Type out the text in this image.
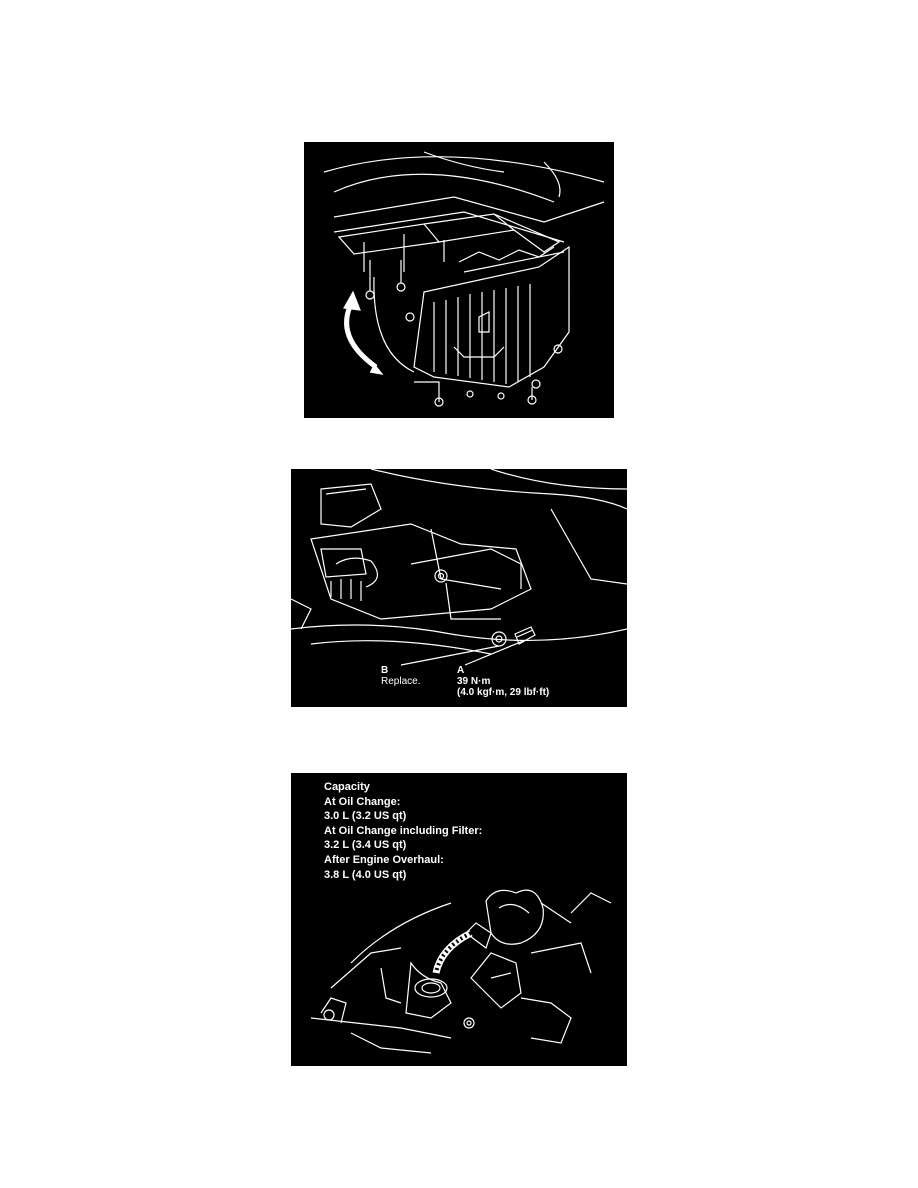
B
Replace.
A
39 N·m
(4.0 kgf·m, 29 lbf·ft)
Capacity
At Oil Change:
3.0 L (3.2 US qt)
At Oil Change including Filter:
3.2 L (3.4 US qt)
After Engine Overhaul:
3.8 L (4.0 US qt)
